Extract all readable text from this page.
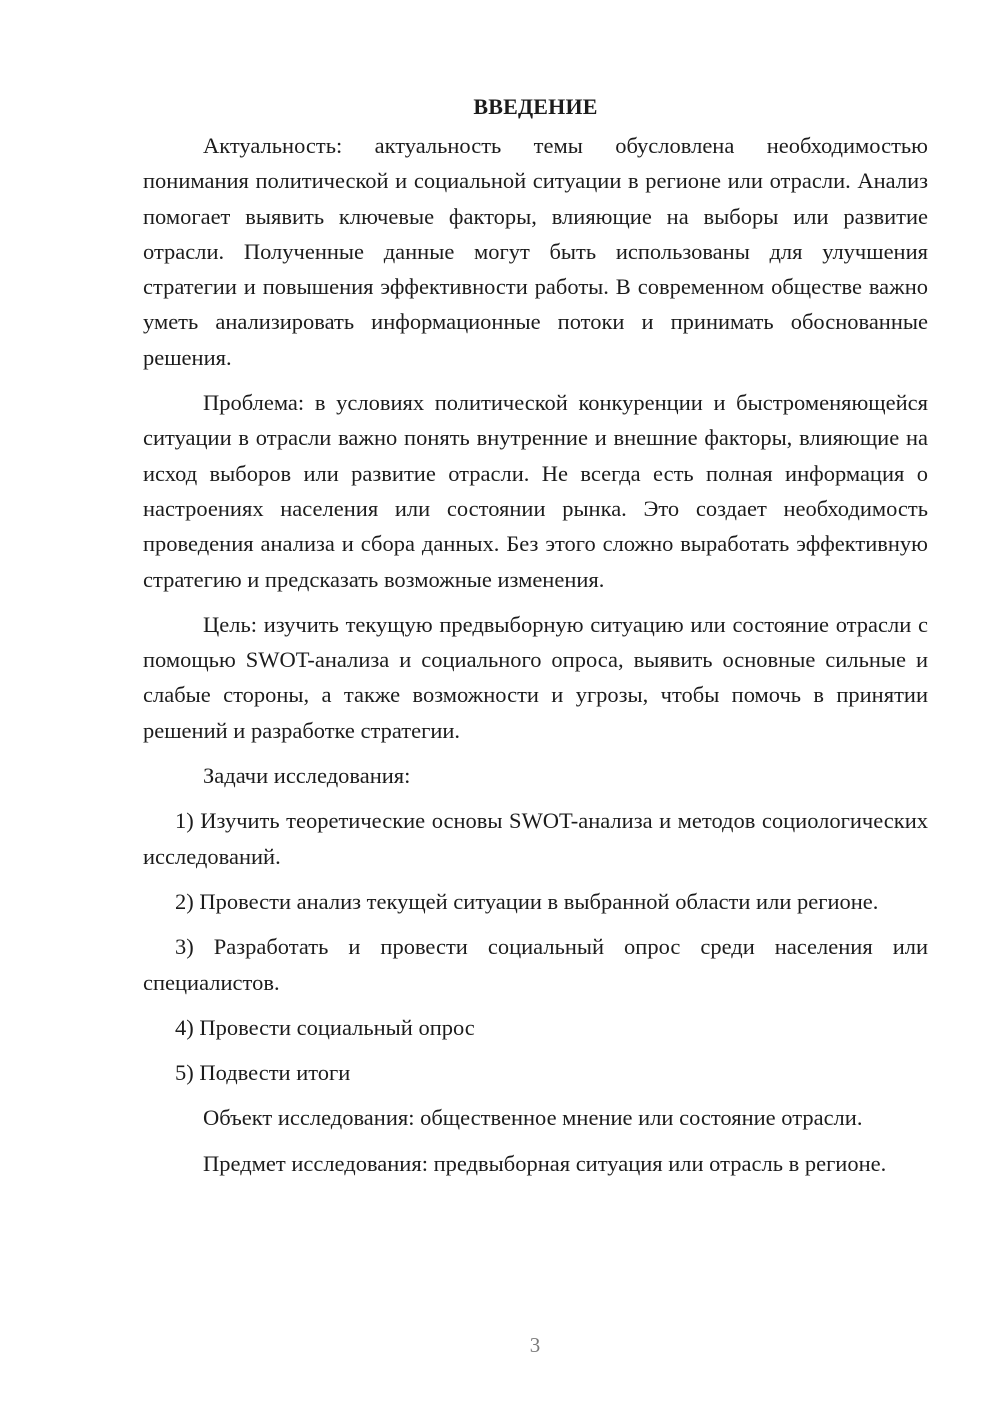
ВВЕДЕНИЕ

Актуальность: актуальность темы обусловлена необходимостью понимания политической и социальной ситуации в регионе или отрасли. Анализ помогает выявить ключевые факторы, влияющие на выборы или развитие отрасли. Полученные данные могут быть использованы для улучшения стратегии и повышения эффективности работы. В современном обществе важно уметь анализировать информационные потоки и принимать обоснованные решения.

Проблема: в условиях политической конкуренции и быстроменяющейся ситуации в отрасли важно понять внутренние и внешние факторы, влияющие на исход выборов или развитие отрасли. Не всегда есть полная информация о настроениях населения или состоянии рынка. Это создает необходимость проведения анализа и сбора данных. Без этого сложно выработать эффективную стратегию и предсказать возможные изменения.

Цель: изучить текущую предвыборную ситуацию или состояние отрасли с помощью SWOT-анализа и социального опроса, выявить основные сильные и слабые стороны, а также возможности и угрозы, чтобы помочь в принятии решений и разработке стратегии.

Задачи исследования:

1) Изучить теоретические основы SWOT-анализа и методов социологических исследований.

2) Провести анализ текущей ситуации в выбранной области или регионе.

3) Разработать и провести социальный опрос среди населения или специалистов.

4) Провести социальный опрос

5) Подвести итоги

Объект исследования: общественное мнение или состояние отрасли.

Предмет исследования: предвыборная ситуация или отрасль в регионе.

3
